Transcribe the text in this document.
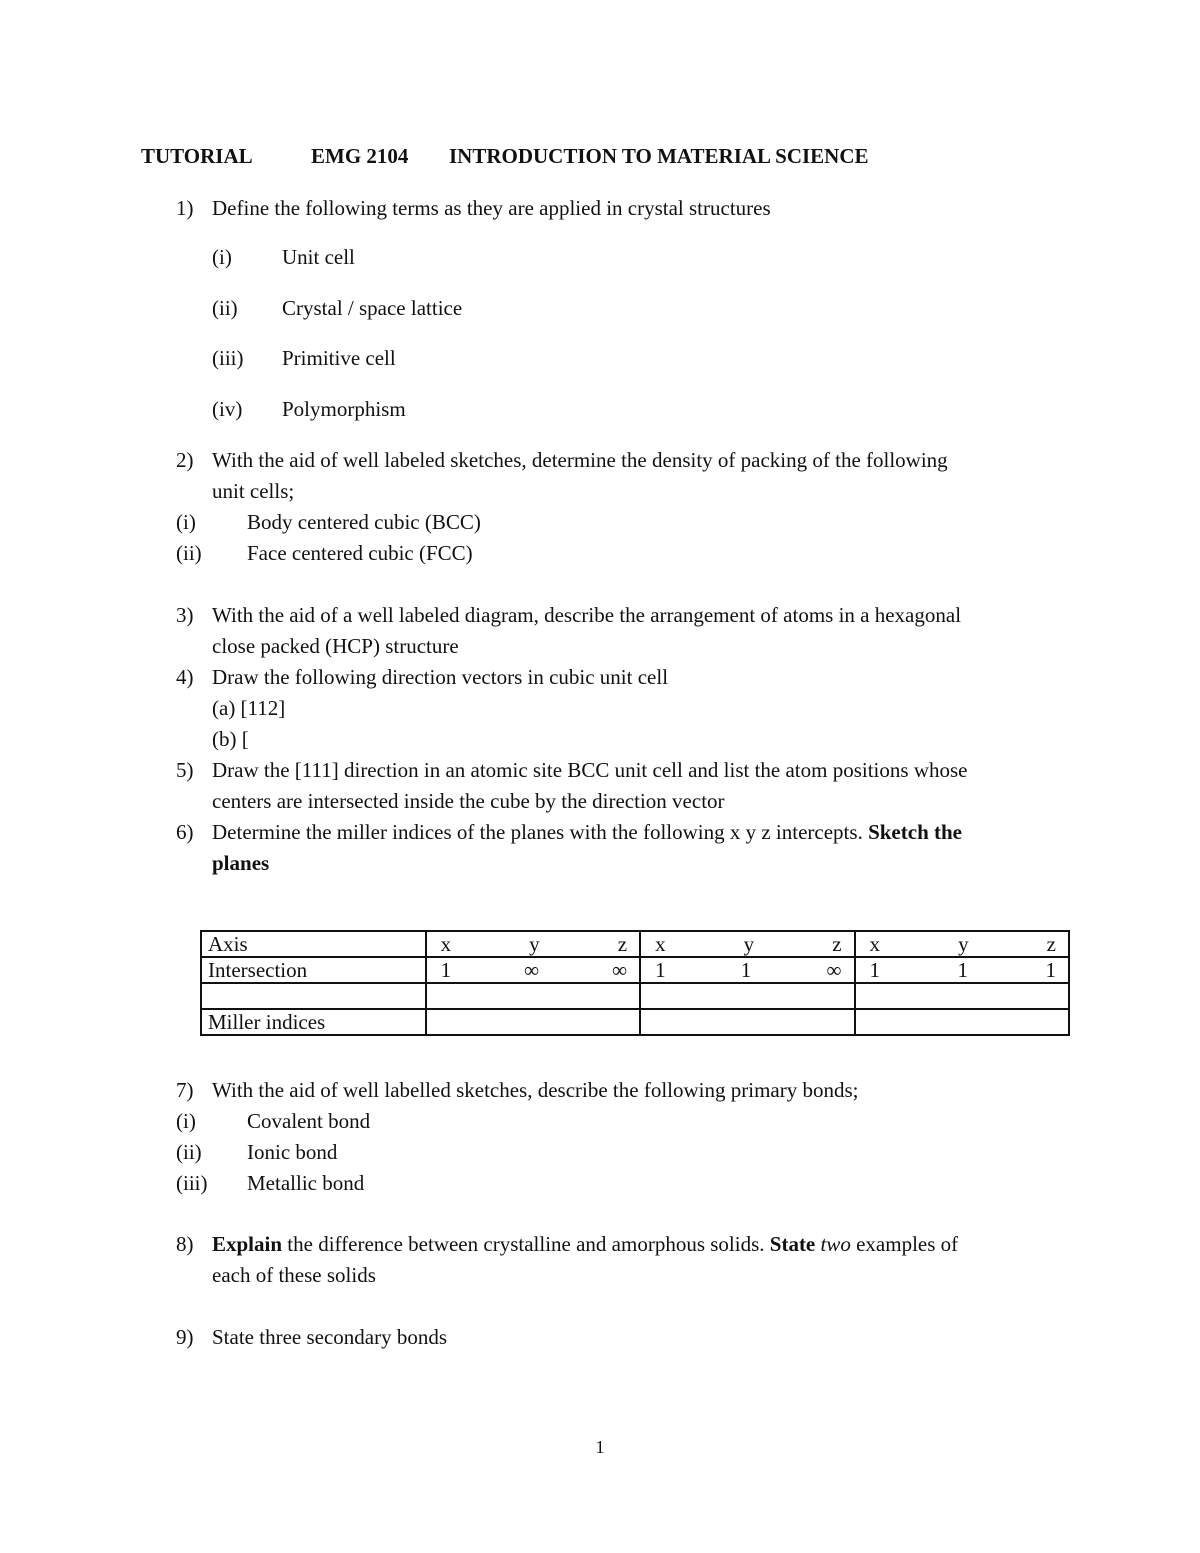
TUTORIAL	EMG 2104 INTRODUCTION TO MATERIAL SCIENCE
1) Define the following terms as they are applied in crystal structures
(i) Unit cell
(ii) Crystal / space lattice
(iii) Primitive cell
(iv) Polymorphism
2) With the aid of well labeled sketches, determine the density of packing of the following
unit cells;
(i) Body centered cubic (BCC)
(ii) Face centered cubic (FCC)
3) With the aid of a well labeled diagram, describe the arrangement of atoms in a hexagonal
close packed (HCP) structure
4) Draw the following direction vectors in cubic unit cell
(a) [112]
(b) [
5) Draw the [111] direction in an atomic site BCC unit cell and list the atom positions whose
centers are intersected inside the cube by the direction vector
6) Determine the miller indices of the planes with the following x y z intercepts. Sketch the
planes
Axis	x y z	x y z	x y z

Intersection	1 ∞ ∞	1 1 ∞	1 1 1

Miller indices			
7) With the aid of well labelled sketches, describe the following primary bonds;
(i) Covalent bond
(ii) Ionic bond
(iii) Metallic bond
8) Explain the difference between crystalline and amorphous solids. State two examples of
each of these solids
9) State three secondary bonds
1
